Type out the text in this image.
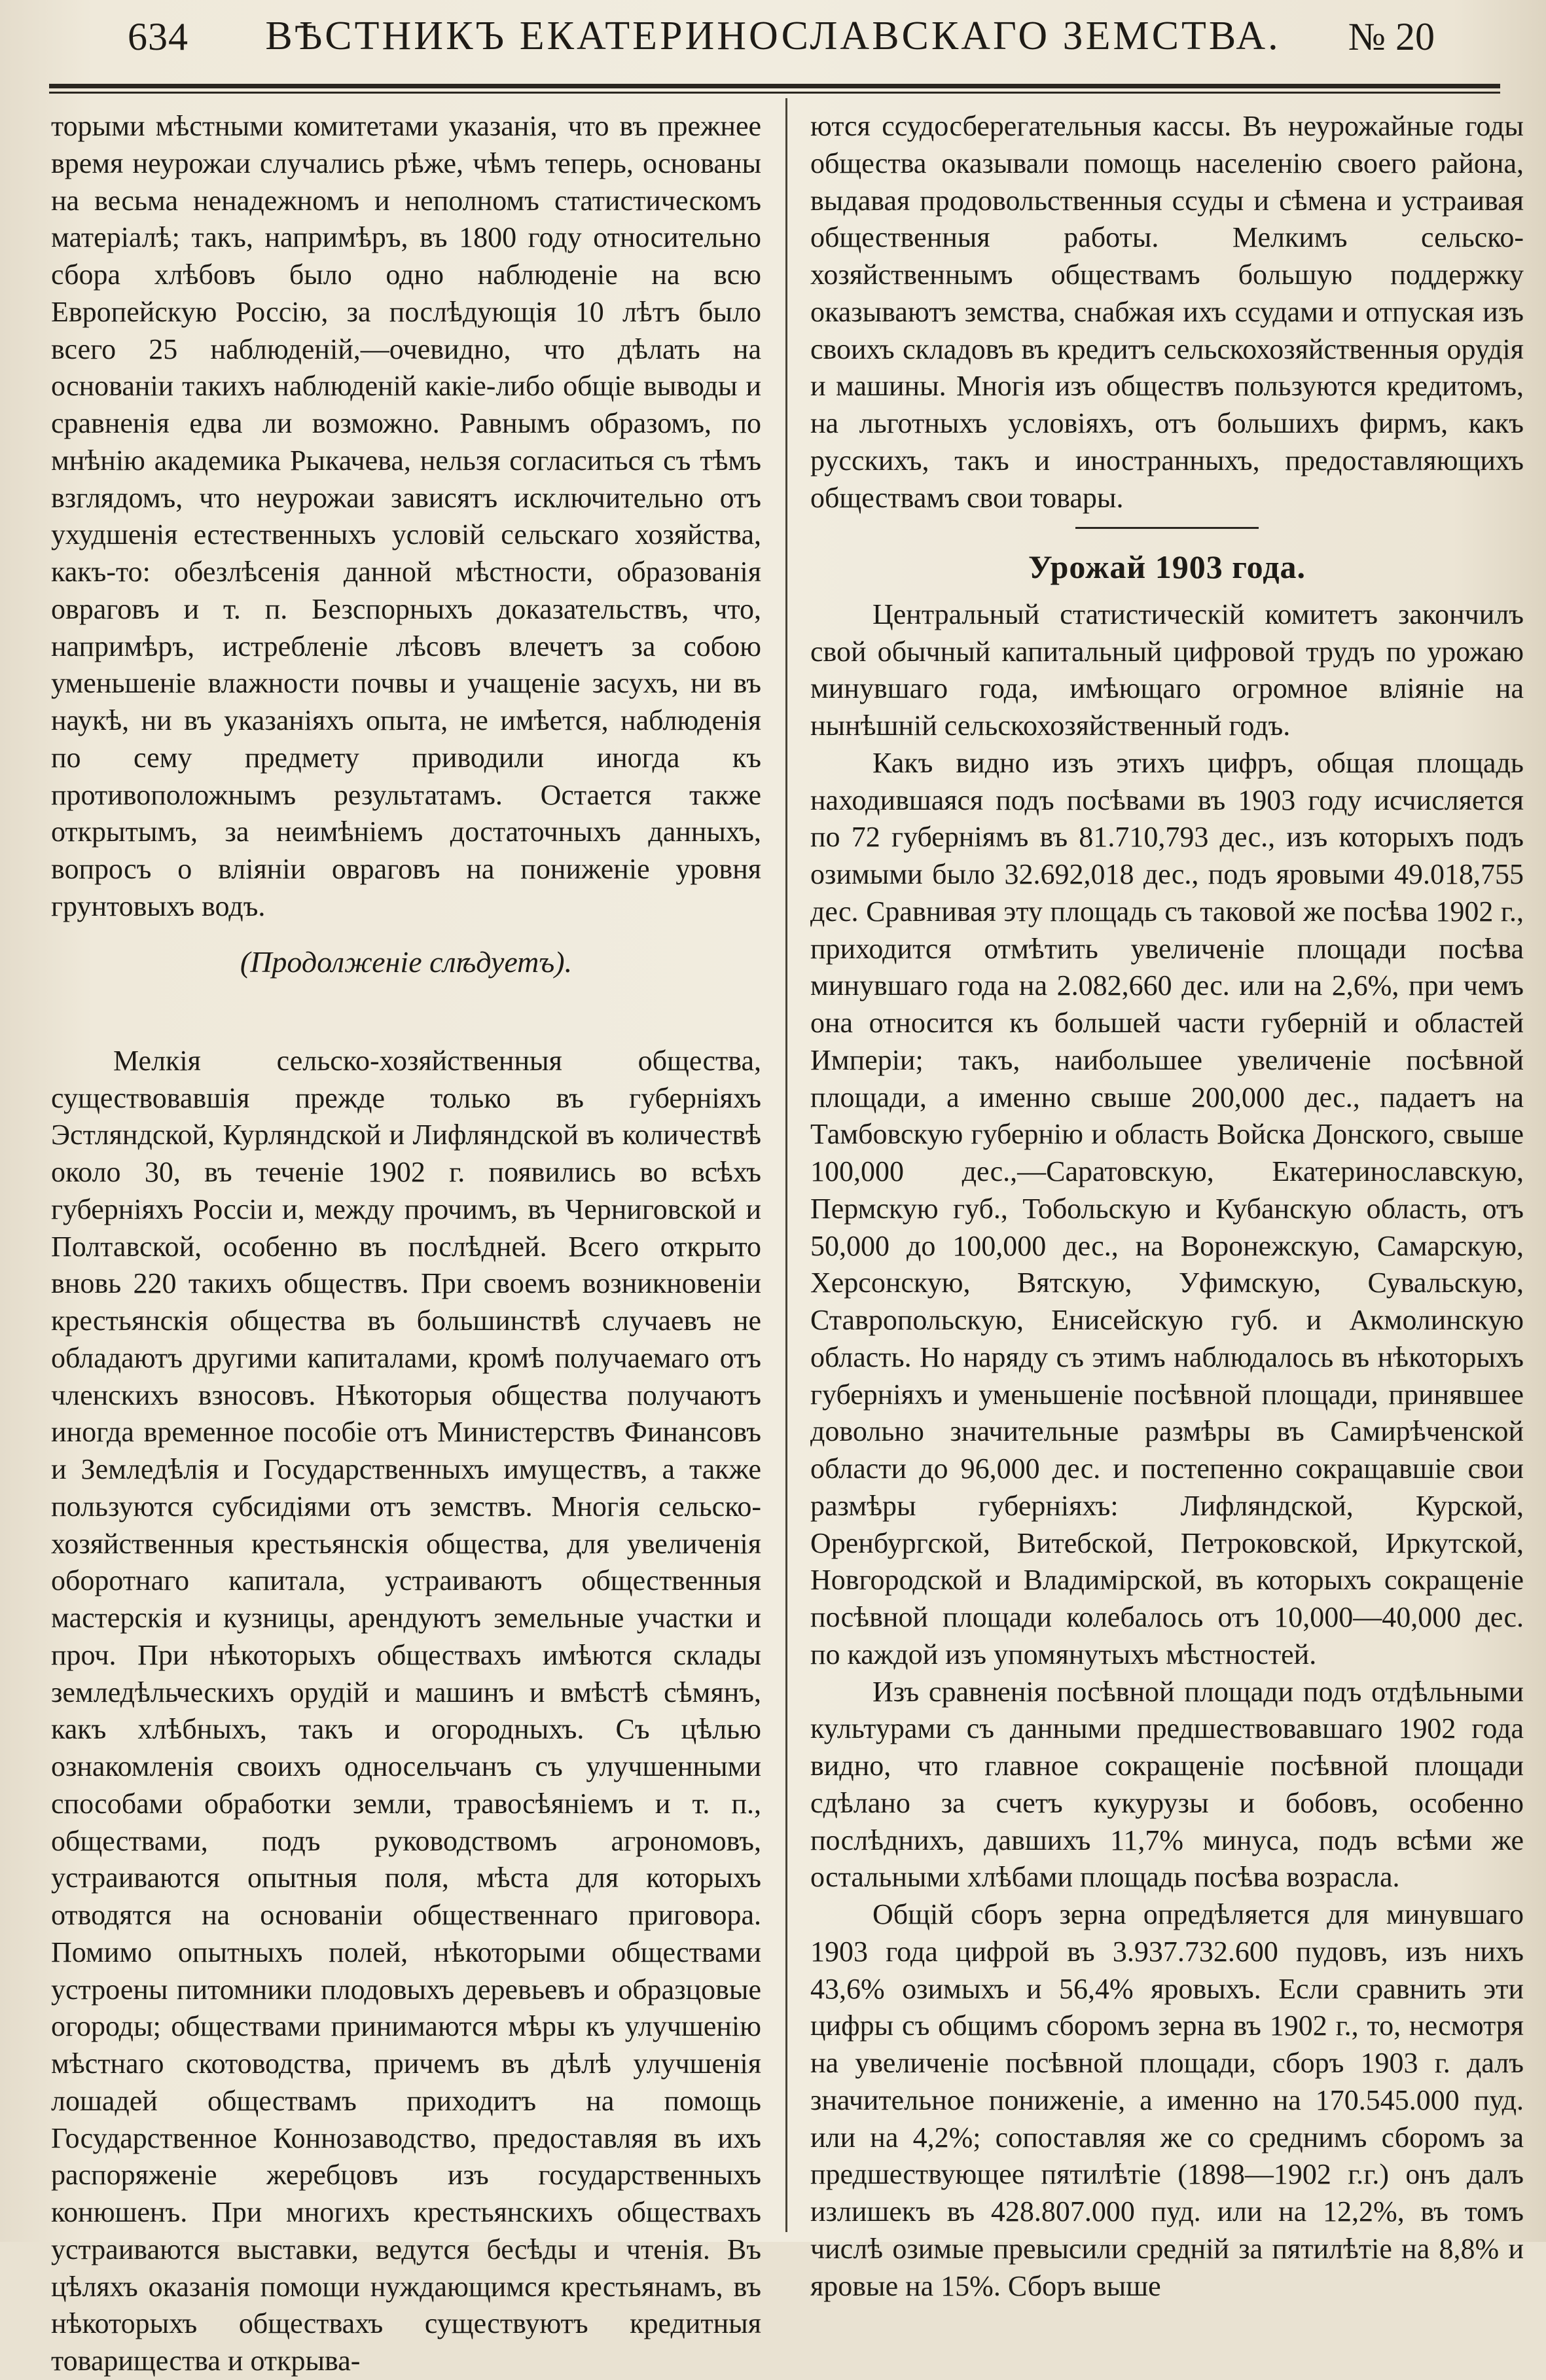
634	ВѢСТНИКЪ ЕКАТЕРИНОСЛАВСКАГО ЗЕМСТВА.	№ 20

торыми мѣстными комитетами указанія, что въ прежнее время неурожаи случались рѣже, чѣмъ теперь, основаны на весьма ненадежномъ и неполномъ статистическомъ матеріалѣ; такъ, напримѣръ, въ 1800 году относительно сбора хлѣбовъ было одно наблюденіе на всю Европейскую Россію, за послѣдующія 10 лѣтъ было всего 25 наблюденій,—очевидно, что дѣлать на основаніи такихъ наблюденій какіе-либо общіе выводы и сравненія едва ли возможно. Равнымъ образомъ, по мнѣнію академика Рыкачева, нельзя согласиться съ тѣмъ взглядомъ, что неурожаи зависятъ исключительно отъ ухудшенія естественныхъ условій сельскаго хозяйства, какъ-то: обезлѣсенія данной мѣстности, образованія овраговъ и т. п. Безспорныхъ доказательствъ, что, напримѣръ, истребленіе лѣсовъ влечетъ за собою уменьшеніе влажности почвы и учащеніе засухъ, ни въ наукѣ, ни въ указаніяхъ опыта, не имѣется, наблюденія по сему предмету приводили иногда къ противоположнымъ результатамъ. Остается также открытымъ, за неимѣніемъ достаточныхъ данныхъ, вопросъ о вліяніи овраговъ на пониженіе уровня грунтовыхъ водъ.

(Продолженіе слѣдуетъ).

Мелкія сельско-хозяйственныя общества, существовавшія прежде только въ губерніяхъ Эстляндской, Курляндской и Лифляндской въ количествѣ около 30, въ теченіе 1902 г. появились во всѣхъ губерніяхъ Россіи и, между прочимъ, въ Черниговской и Полтавской, особенно въ послѣдней. Всего открыто вновь 220 такихъ обществъ. При своемъ возникновеніи крестьянскія общества въ большинствѣ случаевъ не обладаютъ другими капиталами, кромѣ получаемаго отъ членскихъ взносовъ. Нѣкоторыя общества получаютъ иногда временное пособіе отъ Министерствъ Финансовъ и Земледѣлія и Государственныхъ имуществъ, а также пользуются субсидіями отъ земствъ. Многія сельско-хозяйственныя крестьянскія общества, для увеличенія оборотнаго капитала, устраиваютъ общественныя мастерскія и кузницы, арендуютъ земельные участки и проч. При нѣкоторыхъ обществахъ имѣются склады земледѣльческихъ орудій и машинъ и вмѣстѣ сѣмянъ, какъ хлѣбныхъ, такъ и огородныхъ. Съ цѣлью ознакомленія своихъ односельчанъ съ улучшенными способами обработки земли, травосѣяніемъ и т. п., обществами, подъ руководствомъ агрономовъ, устраиваются опытныя поля, мѣста для которыхъ отводятся на основаніи общественнаго приговора. Помимо опытныхъ полей, нѣкоторыми обществами устроены питомники плодовыхъ деревьевъ и образцовые огороды; обществами принимаются мѣры къ улучшенію мѣстнаго скотоводства, причемъ въ дѣлѣ улучшенія лошадей обществамъ приходитъ на помощь Государственное Коннозаводство, предоставляя въ ихъ распоряженіе жеребцовъ изъ государственныхъ конюшенъ. При многихъ крестьянскихъ обществахъ устраиваются выставки, ведутся бесѣды и чтенія. Въ цѣляхъ оказанія помощи нуждающимся крестьянамъ, въ нѣкоторыхъ обществахъ существуютъ кредитныя товарищества и открыва-

ются ссудосберегательныя кассы. Въ неурожайные годы общества оказывали помощь населенію своего района, выдавая продовольственныя ссуды и сѣмена и устраивая общественныя работы. Мелкимъ сельско-хозяйственнымъ обществамъ большую поддержку оказываютъ земства, снабжая ихъ ссудами и отпуская изъ своихъ складовъ въ кредитъ сельскохозяйственныя орудія и машины. Многія изъ обществъ пользуются кредитомъ, на льготныхъ условіяхъ, отъ большихъ фирмъ, какъ русскихъ, такъ и иностранныхъ, предоставляющихъ обществамъ свои товары.

Урожай 1903 года.

Центральный статистическій комитетъ закончилъ свой обычный капитальный цифровой трудъ по урожаю минувшаго года, имѣющаго огромное вліяніе на нынѣшній сельскохозяйственный годъ.

Какъ видно изъ этихъ цифръ, общая площадь находившаяся подъ посѣвами въ 1903 году исчисляется по 72 губерніямъ въ 81.710,793 дес., изъ которыхъ подъ озимыми было 32.692,018 дес., подъ яровыми 49.018,755 дес. Сравнивая эту площадь съ таковой же посѣва 1902 г., приходится отмѣтить увеличеніе площади посѣва минувшаго года на 2.082,660 дес. или на 2,6%, при чемъ она относится къ большей части губерній и областей Имперіи; такъ, наибольшее увеличеніе посѣвной площади, а именно свыше 200,000 дес., падаетъ на Тамбовскую губернію и область Войска Донского, свыше 100,000 дес.,—Саратовскую, Екатеринославскую, Пермскую губ., Тобольскую и Кубанскую область, отъ 50,000 до 100,000 дес., на Воронежскую, Самарскую, Херсонскую, Вятскую, Уфимскую, Сувальскую, Ставропольскую, Енисейскую губ. и Акмолинскую область. Но наряду съ этимъ наблюдалось въ нѣкоторыхъ губерніяхъ и уменьшеніе посѣвной площади, принявшее довольно значительные размѣры въ Самирѣченской области до 96,000 дес. и постепенно сокращавшіе свои размѣры губерніяхъ: Лифляндской, Курской, Оренбургской, Витебской, Петроковской, Иркутской, Новгородской и Владимірской, въ которыхъ сокращеніе посѣвной площади колебалось отъ 10,000—40,000 дес. по каждой изъ упомянутыхъ мѣстностей.

Изъ сравненія посѣвной площади подъ отдѣльными культурами съ данными предшествовавшаго 1902 года видно, что главное сокращеніе посѣвной площади сдѣлано за счетъ кукурузы и бобовъ, особенно послѣднихъ, давшихъ 11,7% минуса, подъ всѣми же остальными хлѣбами площадь посѣва возрасла.

Общій сборъ зерна опредѣляется для минувшаго 1903 года цифрой въ 3.937.732.600 пудовъ, изъ нихъ 43,6% озимыхъ и 56,4% яровыхъ. Если сравнить эти цифры съ общимъ сборомъ зерна въ 1902 г., то, несмотря на увеличеніе посѣвной площади, сборъ 1903 г. далъ значительное пониженіе, а именно на 170.545.000 пуд. или на 4,2%; сопоставляя же со среднимъ сборомъ за предшествующее пятилѣтіе (1898—1902 г.г.) онъ далъ излишекъ въ 428.807.000 пуд. или на 12,2%, въ томъ числѣ озимые превысили средній за пятилѣтіе на 8,8% и яровые на 15%. Сборъ выше
